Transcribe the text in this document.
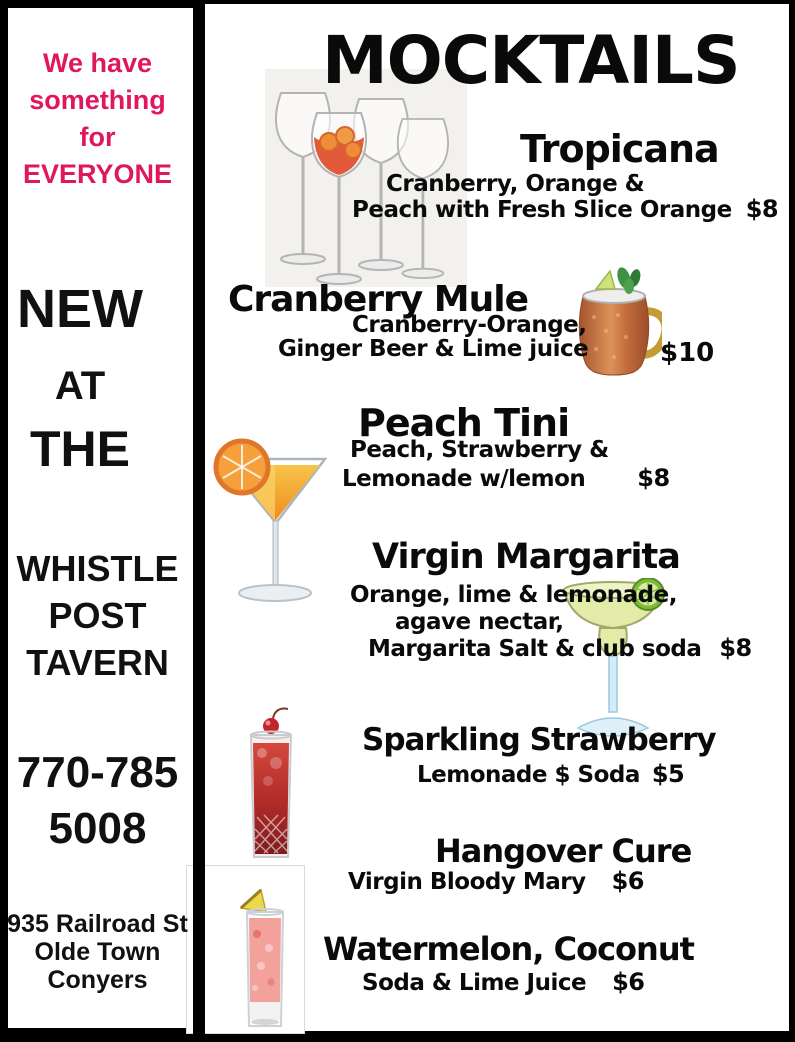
We have
something
for
EVERYONE
NEW
AT
THE
WHISTLE
POST
TAVERN
770-785
5008
935 Railroad St
Olde Town
Conyers
MOCKTAILS
Tropicana
Cranberry, Orange &
Peach with Fresh Slice Orange $8
Cranberry Mule
Cranberry-Orange,
Ginger Beer & Lime juice	$10
Peach Tini
Peach, Strawberry &
Lemonade w/lemon $8
Virgin Margarita
Orange, lime & lemonade,
agave nectar,
Margarita Salt & club soda $8
Sparkling Strawberry
Lemonade $ Soda $5
Hangover Cure
Virgin Bloody Mary $6
Watermelon, Coconut
Soda & Lime Juice $6
